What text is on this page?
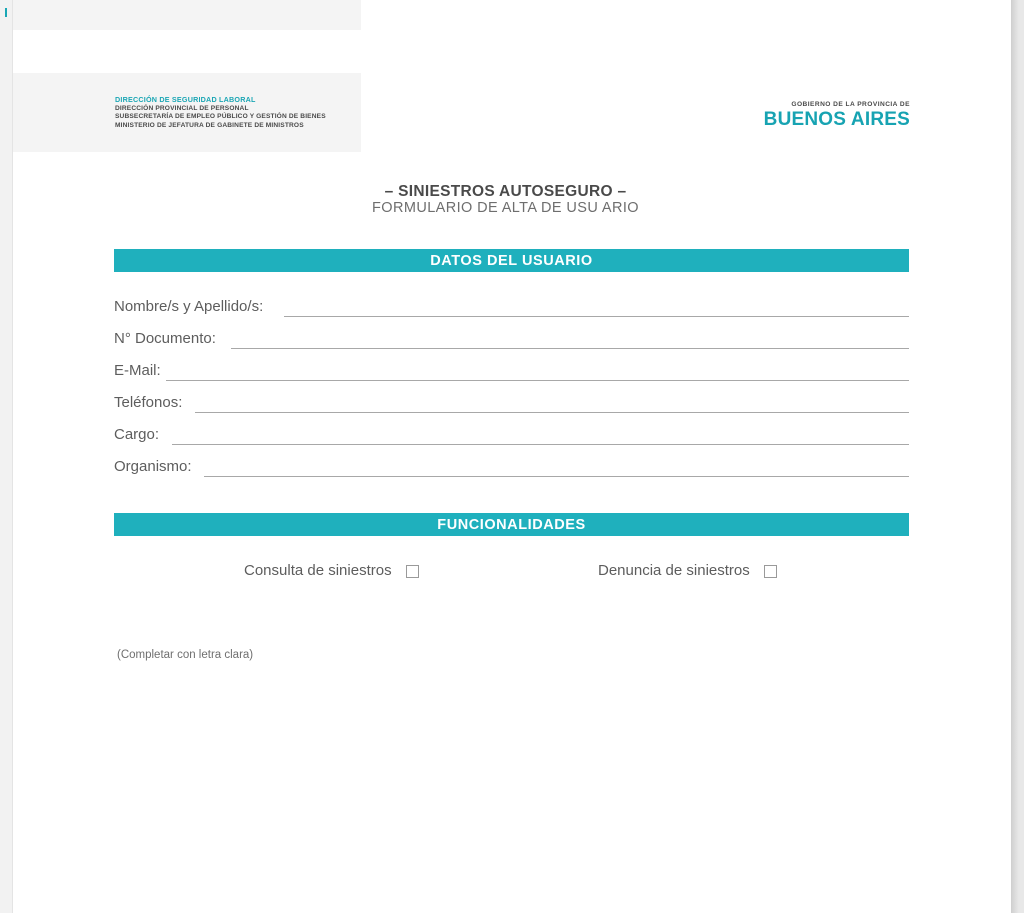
DIRECCIÓN DE SEGURIDAD LABORAL
DIRECCIÓN PROVINCIAL DE PERSONAL
SUBSECRETARÍA DE EMPLEO PÚBLICO Y GESTIÓN DE BIENES
MINISTERIO DE JEFATURA DE GABINETE DE MINISTROS
GOBIERNO DE LA PROVINCIA DE
BUENOS AIRES
– SINIESTROS AUTOSEGURO –
FORMULARIO DE ALTA DE USU ARIO
DATOS DEL USUARIO
Nombre/s y Apellido/s:
N° Documento:
E-Mail:
Teléfonos:
Cargo:
Organismo:
FUNCIONALIDADES
Consulta de siniestros	Denuncia de siniestros
(Completar con letra clara)
